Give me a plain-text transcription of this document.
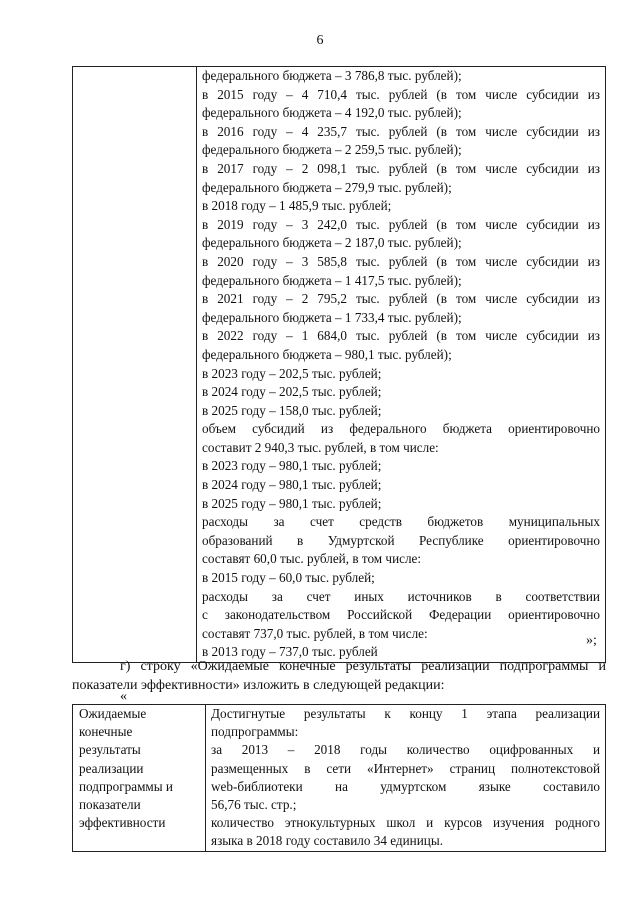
6

федерального бюджета – 3 786,8 тыс. рублей);
в 2015 году – 4 710,4 тыс. рублей (в том числе субсидии из
федерального бюджета – 4 192,0 тыс. рублей);
в 2016 году – 4 235,7 тыс. рублей (в том числе субсидии из
федерального бюджета – 2 259,5 тыс. рублей);
в 2017 году – 2 098,1 тыс. рублей (в том числе субсидии из
федерального бюджета – 279,9 тыс. рублей);
в 2018 году – 1 485,9 тыс. рублей;
в 2019 году – 3 242,0 тыс. рублей (в том числе субсидии из
федерального бюджета – 2 187,0 тыс. рублей);
в 2020 году – 3 585,8 тыс. рублей (в том числе субсидии из
федерального бюджета – 1 417,5 тыс. рублей);
в 2021 году – 2 795,2 тыс. рублей (в том числе субсидии из
федерального бюджета – 1 733,4 тыс. рублей);
в 2022 году – 1 684,0 тыс. рублей (в том числе субсидии из
федерального бюджета – 980,1 тыс. рублей);
в 2023 году – 202,5 тыс. рублей;
в 2024 году – 202,5 тыс. рублей;
в 2025 году – 158,0 тыс. рублей;
объем субсидий из федерального бюджета ориентировочно
составит 2 940,3 тыс. рублей, в том числе:
в 2023 году – 980,1 тыс. рублей;
в 2024 году – 980,1 тыс. рублей;
в 2025 году – 980,1 тыс. рублей;
расходы за счет средств бюджетов муниципальных
образований в Удмуртской Республике ориентировочно
составят 60,0 тыс. рублей, в том числе:
в 2015 году – 60,0 тыс. рублей;
расходы за счет иных источников в соответствии
с законодательством Российской Федерации ориентировочно
составят 737,0 тыс. рублей, в том числе:
в 2013 году – 737,0 тыс. рублей
»;
г) строку «Ожидаемые конечные результаты реализации подпрограммы и
показатели эффективности» изложить в следующей редакции:
«
Ожидаемые
конечные
результаты
реализации
подпрограммы и
показатели
эффективности

Достигнутые результаты к концу 1 этапа реализации
подпрограммы:
за 2013 – 2018 годы количество оцифрованных и
размещенных в сети «Интернет» страниц полнотекстовой
web-библиотеки на удмуртском языке составило
56,76 тыс. стр.;
количество этнокультурных школ и курсов изучения родного
языка в 2018 году составило 34 единицы.
